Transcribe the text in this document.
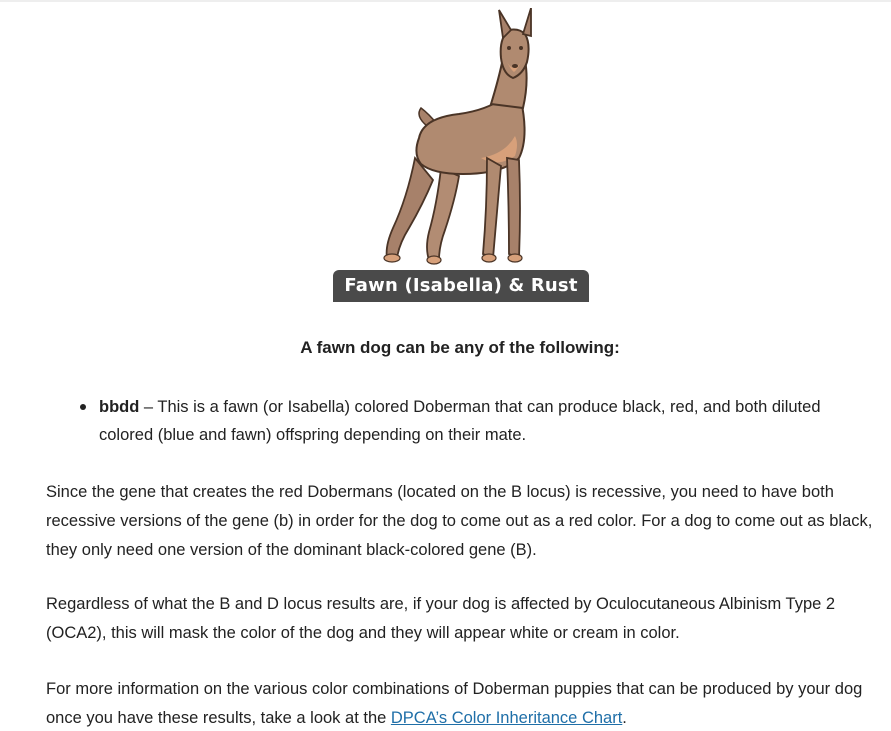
Fawn (Isabella) & Rust
A fawn dog can be any of the following:
bbdd – This is a fawn (or Isabella) colored Doberman that can produce black, red, and both diluted colored (blue and fawn) offspring depending on their mate.

Since the gene that creates the red Dobermans (located on the B locus) is recessive, you need to have both recessive versions of the gene (b) in order for the dog to come out as a red color. For a dog to come out as black, they only need one version of the dominant black-colored gene (B).

Regardless of what the B and D locus results are, if your dog is affected by Oculocutaneous Albinism Type 2 (OCA2), this will mask the color of the dog and they will appear white or cream in color.

For more information on the various color combinations of Doberman puppies that can be produced by your dog once you have these results, take a look at the DPCA’s Color Inheritance Chart.
